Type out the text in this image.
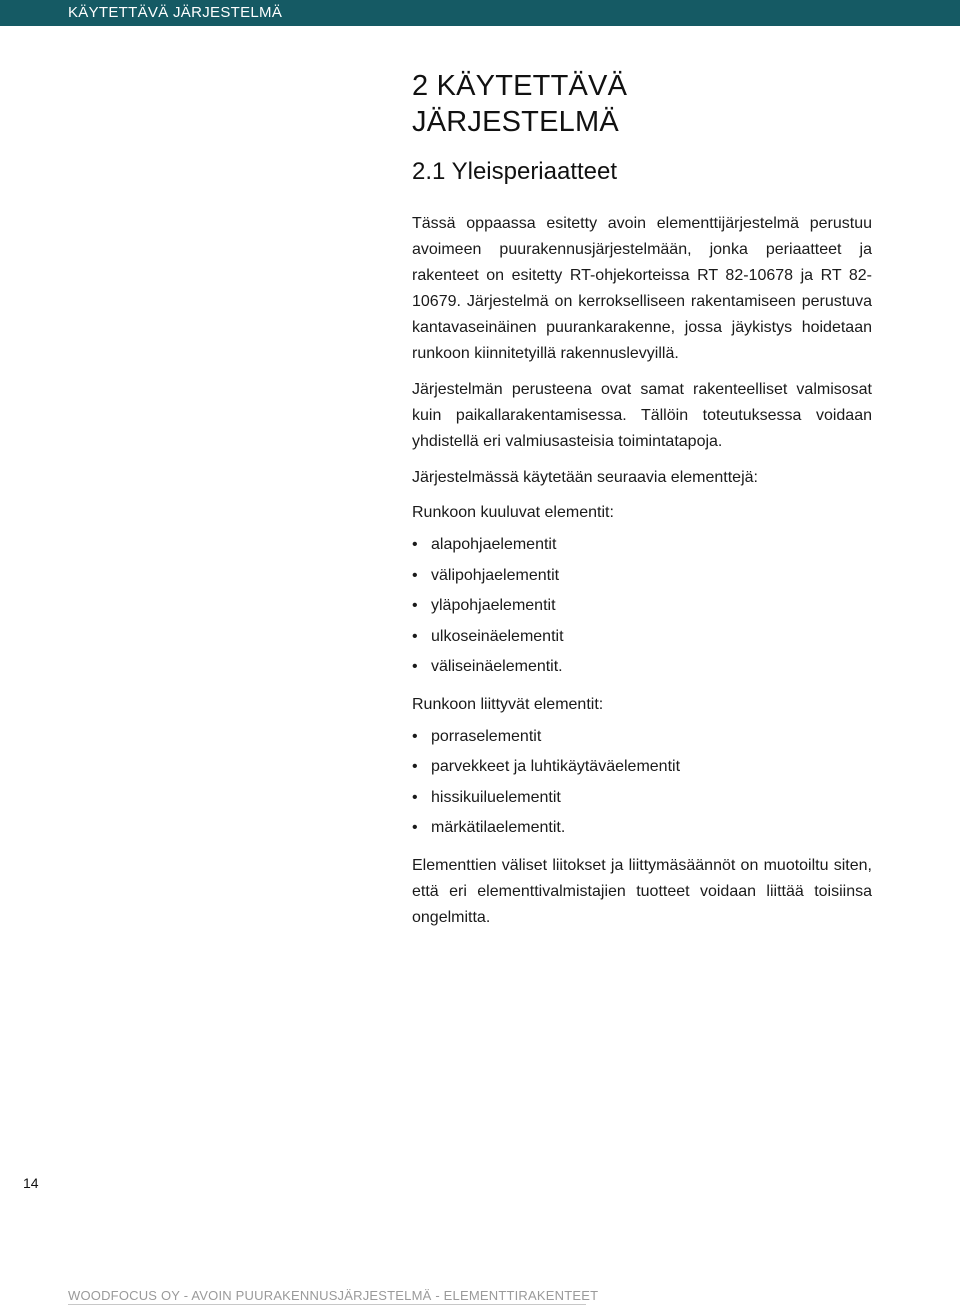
KÄYTETTÄVÄ JÄRJESTELMÄ
2 KÄYTETTÄVÄ
JÄRJESTELMÄ
2.1 Yleisperiaatteet

Tässä oppaassa esitetty avoin elementtijärjestelmä perustuu avoimeen puurakennusjärjestelmään, jonka periaatteet ja rakenteet on esitetty RT-ohjekorteissa RT 82-10678 ja RT 82-10679. Järjestelmä on kerrokselliseen rakentamiseen perustuva kantavaseinäinen puurankarakenne, jossa jäykistys hoidetaan runkoon kiinnitetyillä rakennuslevyillä.

Järjestelmän perusteena ovat samat rakenteelliset valmisosat kuin paikallarakentamisessa. Tällöin toteutuksessa voidaan yhdistellä eri valmiusasteisia toimintatapoja.

Järjestelmässä käytetään seuraavia elementtejä:

Runkoon kuuluvat elementit:
• alapohjaelementit
• välipohjaelementit
• yläpohjaelementit
• ulkoseinäelementit
• väliseinäelementit.
Runkoon liittyvät elementit:
• porraselementit
• parvekkeet ja luhtikäytäväelementit
• hissikuiluelementit
• märkätilaelementit.

Elementtien väliset liitokset ja liittymäsäännöt on muotoiltu siten, että eri elementtivalmistajien tuotteet voidaan liittää toisiinsa ongelmitta.

14
WOODFOCUS OY - AVOIN PUURAKENNUSJÄRJESTELMÄ - ELEMENTTIRAKENTEET
